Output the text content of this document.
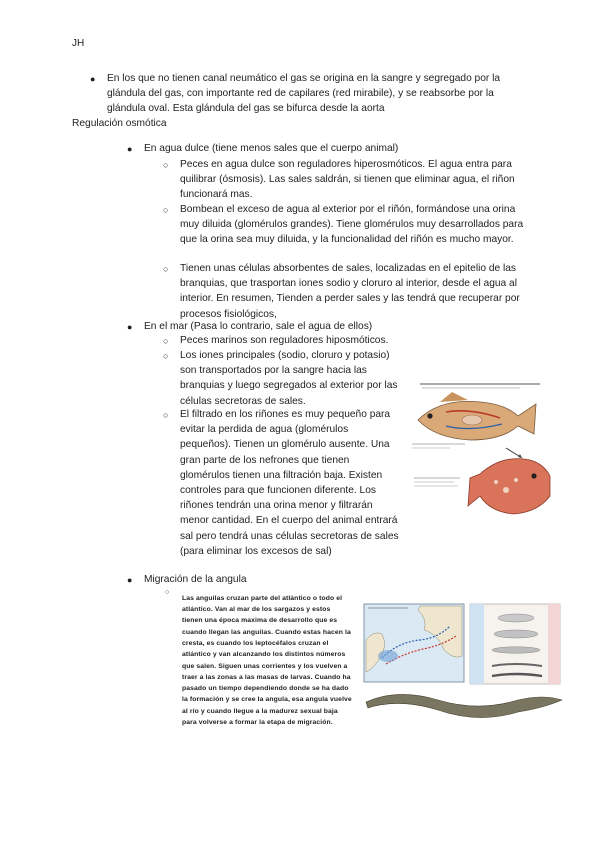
JH
● En los que no tienen canal neumático el gas se origina en la sangre y segregado por la glándula del gas, con importante red de capilares (red mirabile), y se reabsorbe por la glándula oval. Esta glándula del gas se bifurca desde la aorta

Regulación osmótica
● En agua dulce (tiene menos sales que el cuerpo animal)
○ Peces en agua dulce son reguladores hiperosmóticos. El agua entra para quilibrar (ósmosis). Las sales saldrán, si tienen que eliminar agua, el riñon funcionará mas.

○ Bombean el exceso de agua al exterior por el riñón, formándose una orina muy diluida (glomérulos grandes). Tiene glomérulos muy desarrollados para que la orina sea muy diluida, y la funcionalidad del riñón es mucho mayor.

○ Tienen unas células absorbentes de sales, localizadas en el epitelio de las branquias, que trasportan iones sodio y cloruro al interior, desde el agua al interior. En resumen, Tienden a perder sales y las tendrá que recuperar por procesos fisiológicos,

● En el mar (Pasa lo contrario, sale el agua de ellos)
○ Peces marinos son reguladores hiposmóticos.

○ Los iones principales (sodio, cloruro y potasio) son transportados por la sangre hacia las branquias y luego segregados al exterior por las células secretoras de sales.

○ El filtrado en los riñones es muy pequeño para evitar la perdida de agua (glomérulos pequeños). Tienen un glomérulo ausente. Una gran parte de los nefrones que tienen glomérulos tienen una filtración baja. Existen controles para que funcionen diferente. Los riñones tendrán una orina menor y filtrarán menor cantidad. En el cuerpo del animal entrará sal pero tendrá unas células secretoras de sales (para eliminar los excesos de sal)

● Migración de la angula
○

Las anguilas cruzan parte del atlántico o todo el atlántico. Van al mar de los sargazos y estos tienen una época maxima de desarrollo que es cuando llegan las anguilas. Cuando estas hacen la cresta, es cuando los leptocéfalos cruzan el atlántico y van alcanzando los distintos números que salen. Siguen unas corrientes y los vuelven a traer a las zonas a las masas de larvas. Cuando ha pasado un tiempo dependiendo donde se ha dado la formación y se cree la angula, esa angula vuelve al río y cuando llegue a la madurez sexual baja para volverse a formar la etapa de migración.
